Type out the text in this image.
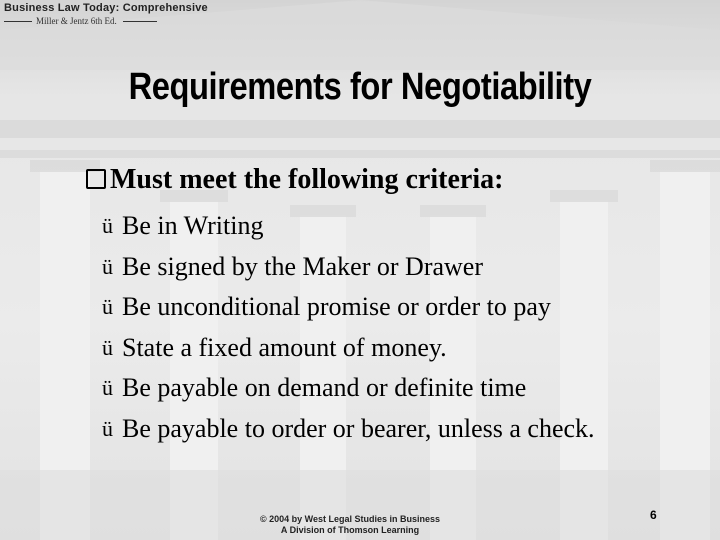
Business Law Today: Comprehensive
Miller & Jentz 6th Ed.
Requirements for Negotiability
Must meet the following criteria:
ü Be in Writing
ü Be signed by the Maker or Drawer
ü Be unconditional promise or order to pay
ü State a fixed amount of money.
ü Be payable on demand or definite time
ü Be payable to order or bearer, unless a check.
© 2004 by West Legal Studies in Business
A Division of Thomson Learning
6
